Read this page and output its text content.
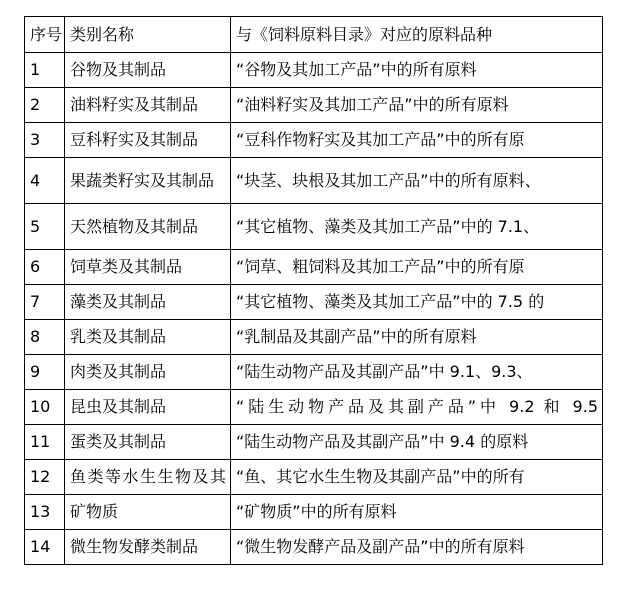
序号	类别名称	与《饲料原料目录》对应的原料品种
1	谷物及其制品	“谷物及其加工产品”中的所有原料
2	油料籽实及其制品	“油料籽实及其加工产品”中的所有原料
3	豆科籽实及其制品	“豆科作物籽实及其加工产品”中的所有原
4	果蔬类籽实及其制品	“块茎、块根及其加工产品”中的所有原料、
5	天然植物及其制品	“其它植物、藻类及其加工产品”中的 7.1、
6	饲草类及其制品	“饲草、粗饲料及其加工产品”中的所有原
7	藻类及其制品	“其它植物、藻类及其加工产品”中的 7.5 的
8	乳类及其制品	“乳制品及其副产品”中的所有原料
9	肉类及其制品	“陆生动物产品及其副产品”中 9.1、9.3、
10	昆虫及其制品	“陆生动物产品及其副产品”中 9.2 和 9.5
11	蛋类及其制品	“陆生动物产品及其副产品”中 9.4 的原料
12	鱼类等水生生物及其	“鱼、其它水生生物及其副产品”中的所有
13	矿物质	“矿物质”中的所有原料
14	微生物发酵类制品	“微生物发酵产品及副产品”中的所有原料
